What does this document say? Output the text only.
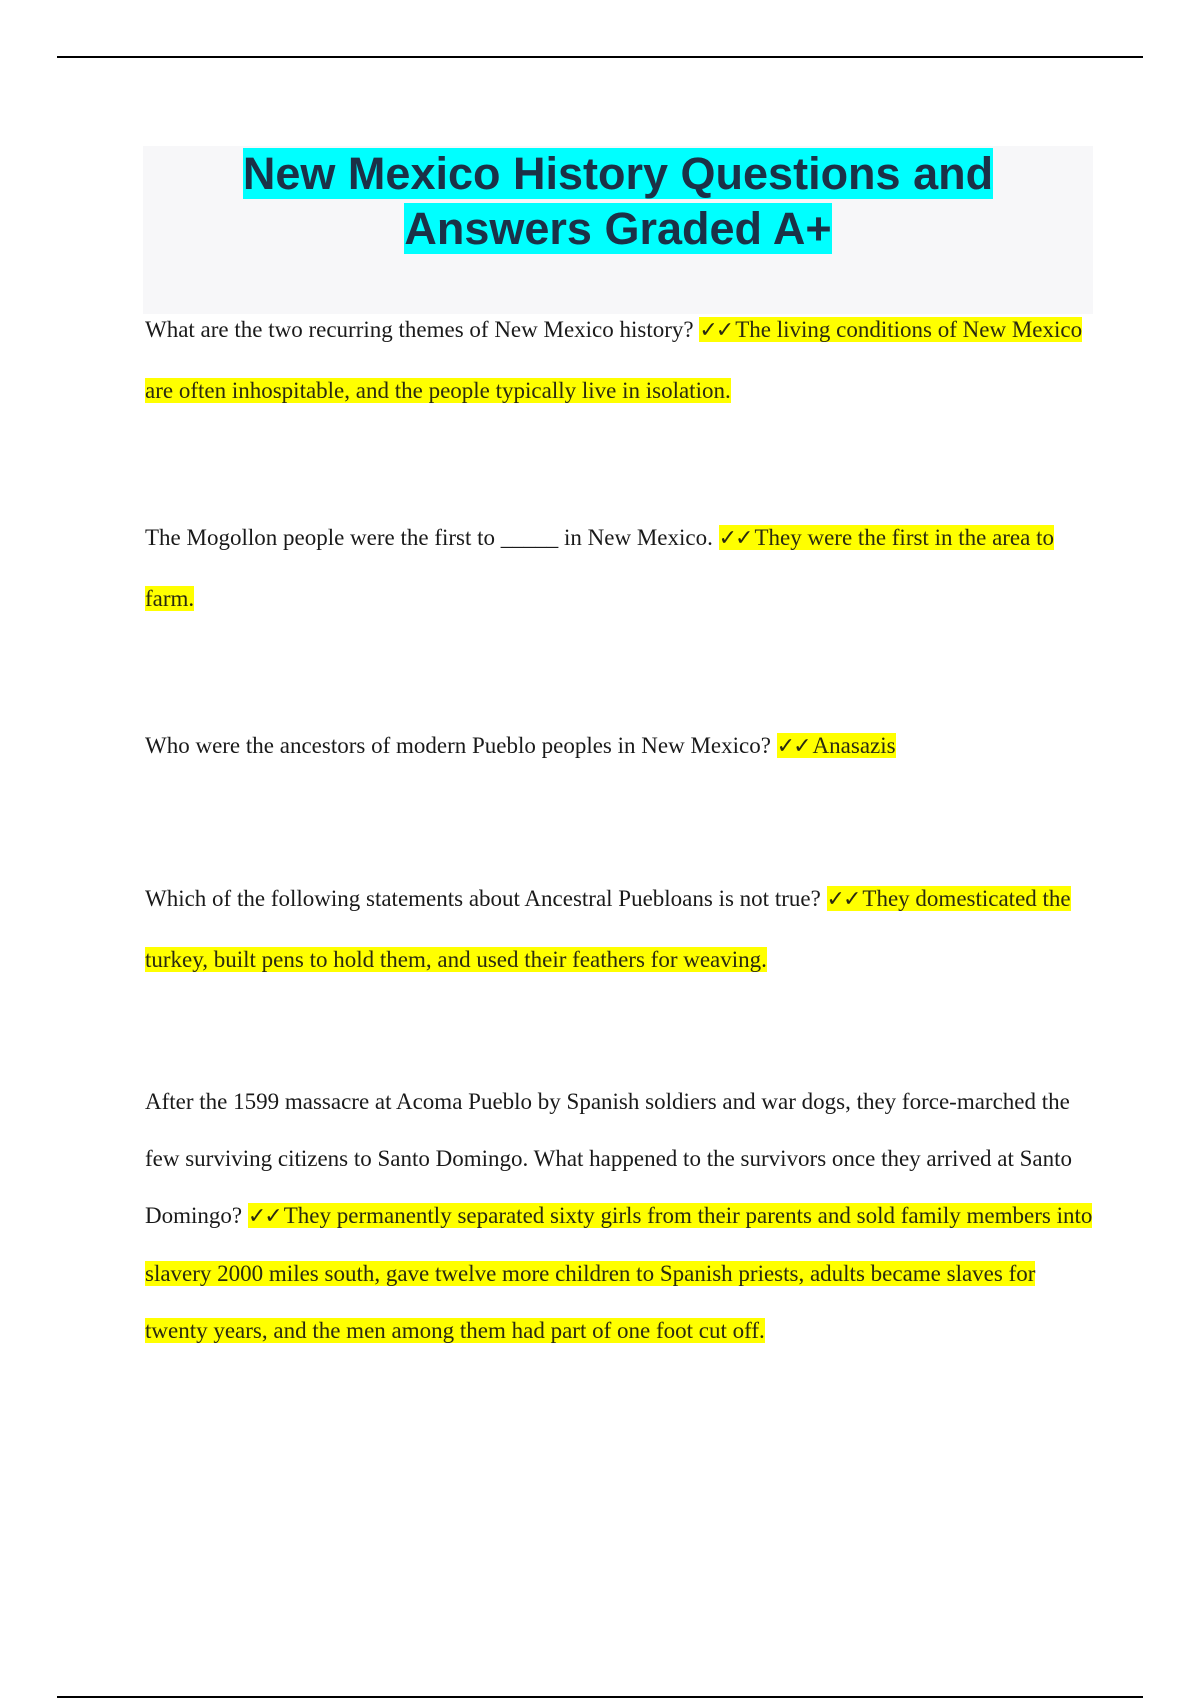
New Mexico History Questions and
Answers Graded A+

What are the two recurring themes of New Mexico history? ✓✓ The living conditions of New Mexico are often inhospitable, and the people typically live in isolation.

The Mogollon people were the first to _____ in New Mexico. ✓✓ They were the first in the area to farm.

Who were the ancestors of modern Pueblo peoples in New Mexico? ✓✓ Anasazis

Which of the following statements about Ancestral Puebloans is not true? ✓✓ They domesticated the turkey, built pens to hold them, and used their feathers for weaving.

After the 1599 massacre at Acoma Pueblo by Spanish soldiers and war dogs, they force-marched the few surviving citizens to Santo Domingo. What happened to the survivors once they arrived at Santo Domingo? ✓✓ They permanently separated sixty girls from their parents and sold family members into slavery 2000 miles south, gave twelve more children to Spanish priests, adults became slaves for twenty years, and the men among them had part of one foot cut off.
